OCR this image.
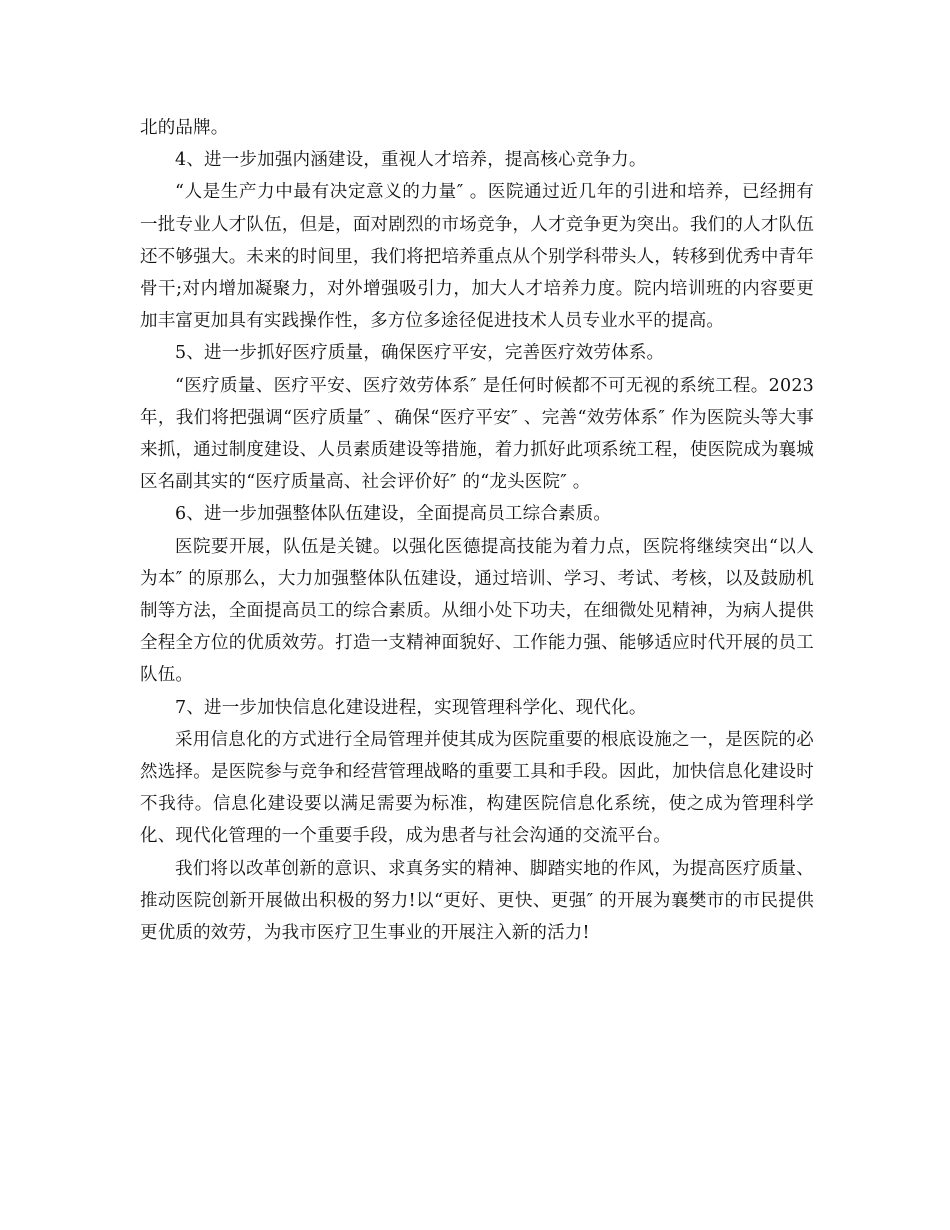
北的品牌。

4、进一步加强内涵建设，重视人才培养，提高核心竞争力。

“人是生产力中最有决定意义的力量″ 。医院通过近几年的引进和培养，已经拥有一批专业人才队伍，但是，面对剧烈的市场竞争，人才竞争更为突出。我们的人才队伍还不够强大。未来的时间里，我们将把培养重点从个别学科带头人，转移到优秀中青年骨干;对内增加凝聚力，对外增强吸引力，加大人才培养力度。院内培训班的内容要更加丰富更加具有实践操作性，多方位多途径促进技术人员专业水平的提高。

5、进一步抓好医疗质量，确保医疗平安，完善医疗效劳体系。

“医疗质量、医疗平安、医疗效劳体系″ 是任何时候都不可无视的系统工程。2023年，我们将把强调“医疗质量″ 、确保“医疗平安″ 、完善“效劳体系″ 作为医院头等大事来抓，通过制度建设、人员素质建设等措施，着力抓好此项系统工程，使医院成为襄城区名副其实的“医疗质量高、社会评价好″ 的“龙头医院″ 。

6、进一步加强整体队伍建设，全面提高员工综合素质。

医院要开展，队伍是关键。以强化医德提高技能为着力点，医院将继续突出“以人为本″ 的原那么，大力加强整体队伍建设，通过培训、学习、考试、考核，以及鼓励机制等方法，全面提高员工的综合素质。从细小处下功夫，在细微处见精神，为病人提供全程全方位的优质效劳。打造一支精神面貌好、工作能力强、能够适应时代开展的员工队伍。

7、进一步加快信息化建设进程，实现管理科学化、现代化。

采用信息化的方式进行全局管理并使其成为医院重要的根底设施之一，是医院的必然选择。是医院参与竞争和经营管理战略的重要工具和手段。因此，加快信息化建设时不我待。信息化建设要以满足需要为标准，构建医院信息化系统，使之成为管理科学化、现代化管理的一个重要手段，成为患者与社会沟通的交流平台。

我们将以改革创新的意识、求真务实的精神、脚踏实地的作风，为提高医疗质量、推动医院创新开展做出积极的努力!以“更好、更快、更强″ 的开展为襄樊市的市民提供更优质的效劳，为我市医疗卫生事业的开展注入新的活力!
